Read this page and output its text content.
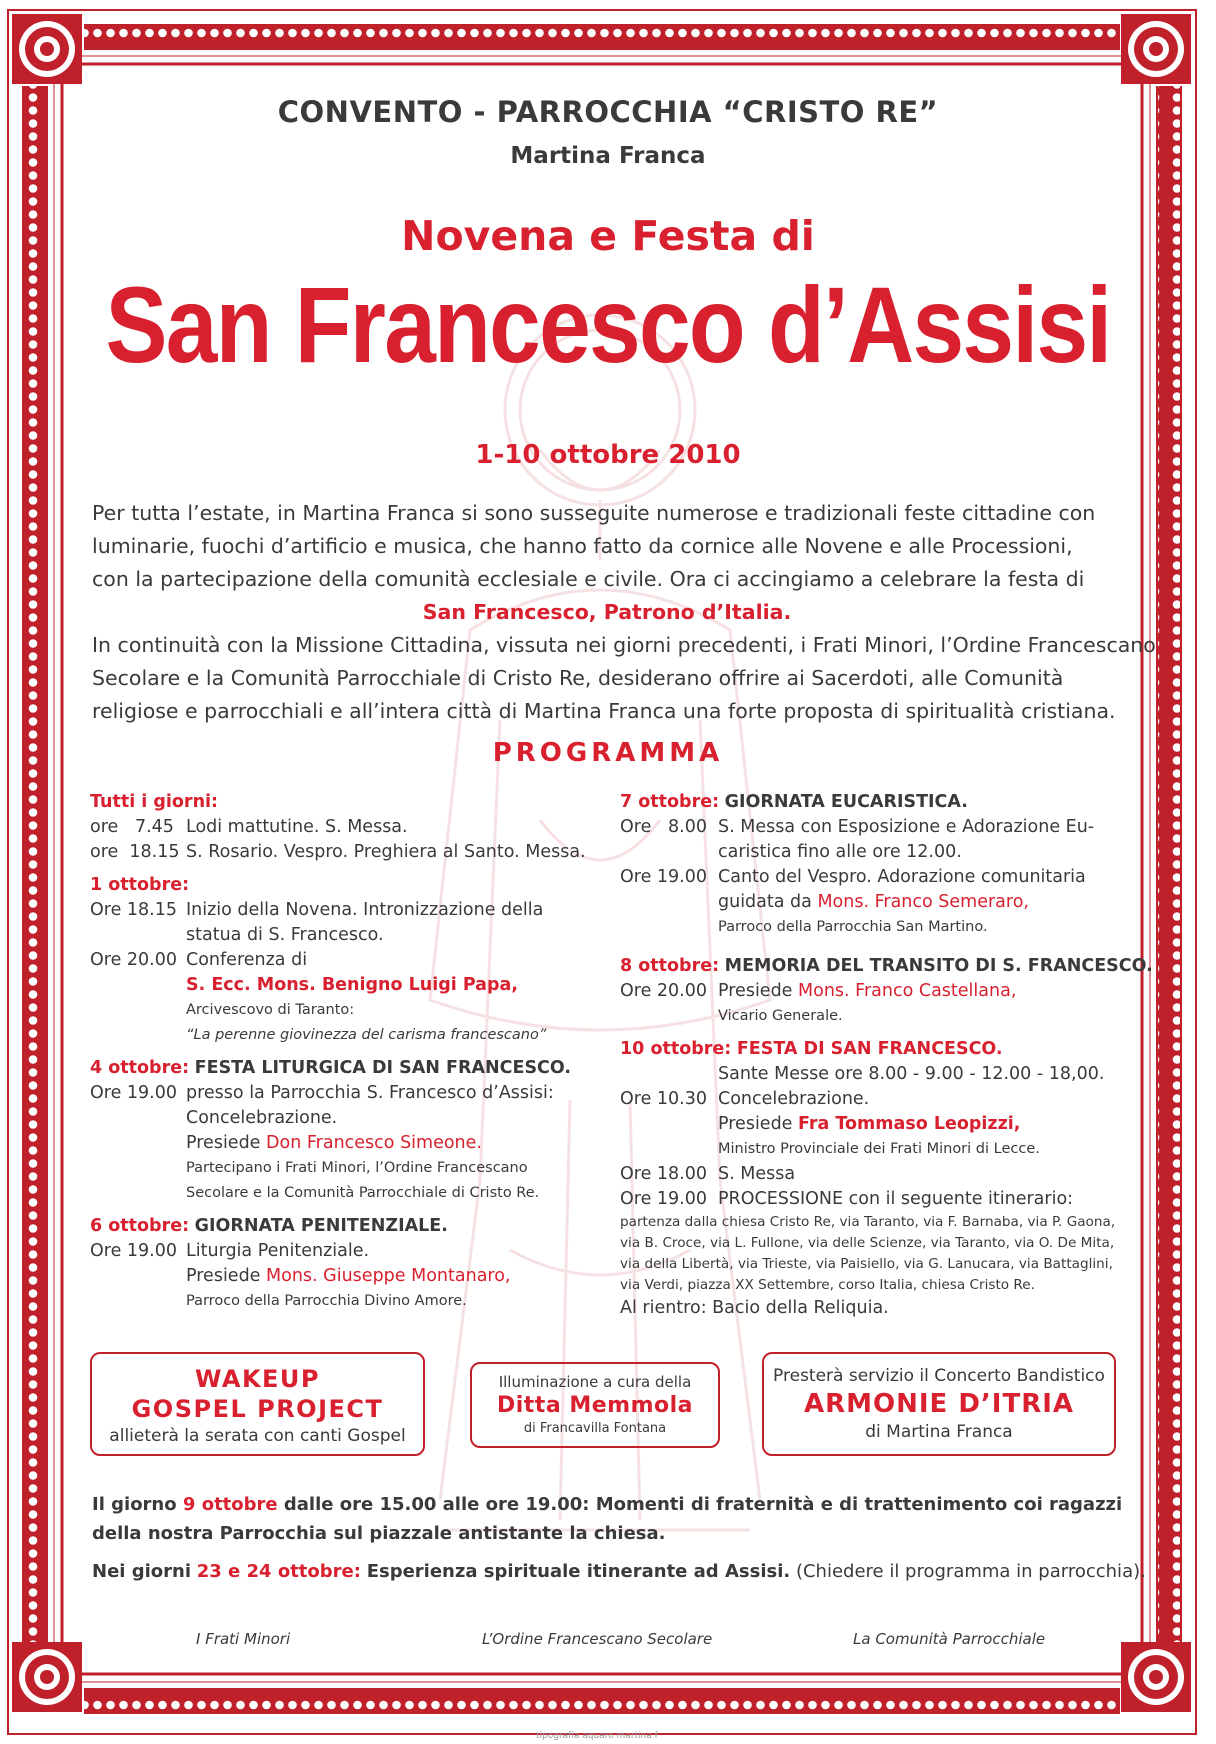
CONVENTO - PARROCCHIA “CRISTO RE”
Martina Franca
Novena e Festa di
San Francesco d’Assisi
1-10 ottobre 2010
Per tutta l’estate, in Martina Franca si sono susseguite numerose e tradizionali feste cittadine con
luminarie, fuochi d’artificio e musica, che hanno fatto da cornice alle Novene e alle Processioni,
con la partecipazione della comunità ecclesiale e civile. Ora ci accingiamo a celebrare la festa di
San Francesco, Patrono d’Italia.
In continuità con la Missione Cittadina, vissuta nei giorni precedenti, i Frati Minori, l’Ordine Francescano
Secolare e la Comunità Parrocchiale di Cristo Re, desiderano offrire ai Sacerdoti, alle Comunità
religiose e parrocchiali e all’intera città di Martina Franca una forte proposta di spiritualità cristiana.
PROGRAMMA
Tutti i giorni:
ore   7.45 Lodi mattutine. S. Messa.
ore  18.15 S. Rosario. Vespro. Preghiera al Santo. Messa.
1 ottobre:
Ore 18.15 Inizio della Novena. Intronizzazione della
statua di S. Francesco.
Ore 20.00 Conferenza di
S. Ecc. Mons. Benigno Luigi Papa,
Arcivescovo di Taranto:
“La perenne giovinezza del carisma francescano”
4 ottobre:
FESTA LITURGICA DI SAN FRANCESCO.
Ore 19.00 presso la Parrocchia S. Francesco d’Assisi:
Concelebrazione.
Presiede Don Francesco Simeone.
Partecipano i Frati Minori, l’Ordine Francescano
Secolare e la Comunità Parrocchiale di Cristo Re.
6 ottobre:
GIORNATA PENITENZIALE.
Ore 19.00 Liturgia Penitenziale.
Presiede Mons. Giuseppe Montanaro,
Parroco della Parrocchia Divino Amore.
7 ottobre:
GIORNATA EUCARISTICA.
Ore   8.00 S. Messa con Esposizione e Adorazione Eu-
caristica fino alle ore 12.00.
Ore 19.00 Canto del Vespro. Adorazione comunitaria
guidata da Mons. Franco Semeraro,
Parroco della Parrocchia San Martino.
8 ottobre:
MEMORIA DEL TRANSITO DI S. FRANCESCO.
Ore 20.00 Presiede
Mons. Franco Castellana,
Vicario Generale.
10 ottobre:
FESTA DI SAN FRANCESCO.
Sante Messe ore 8.00 - 9.00 - 12.00 - 18,00.
Ore 10.30 Concelebrazione.
Presiede Fra Tommaso Leopizzi,
Ministro Provinciale dei Frati Minori di Lecce.
Ore 18.00 S. Messa
Ore 19.00 PROCESSIONE con il seguente itinerario:
partenza dalla chiesa Cristo Re, via Taranto, via F. Barnaba, via P. Gaona,
via B. Croce, via L. Fullone, via delle Scienze, via Taranto, via O. De Mita,
via della Libertà, via Trieste, via Paisiello, via G. Lanucara, via Battaglini,
via Verdi, piazza XX Settembre, corso Italia, chiesa Cristo Re.
Al rientro: Bacio della Reliquia.
WAKEUP
GOSPEL PROJECT
allieterà la serata con canti Gospel
Illuminazione a cura della
Ditta Memmola
di Francavilla Fontana
Presterà servizio il Concerto Bandistico
ARMONIE D’ITRIA
di Martina Franca

Il giorno 9 ottobre dalle ore 15.00 alle ore 19.00: Momenti di fraternità e di trattenimento coi ragazzi
della nostra Parrocchia sul piazzale antistante la chiesa.

Nei giorni 23 e 24 ottobre: Esperienza spirituale itinerante ad Assisi. (Chiedere il programma in parrocchia).

I Frati Minori	L’Ordine Francescano Secolare	La Comunità Parrocchiale
tipografia aquaro martina f
